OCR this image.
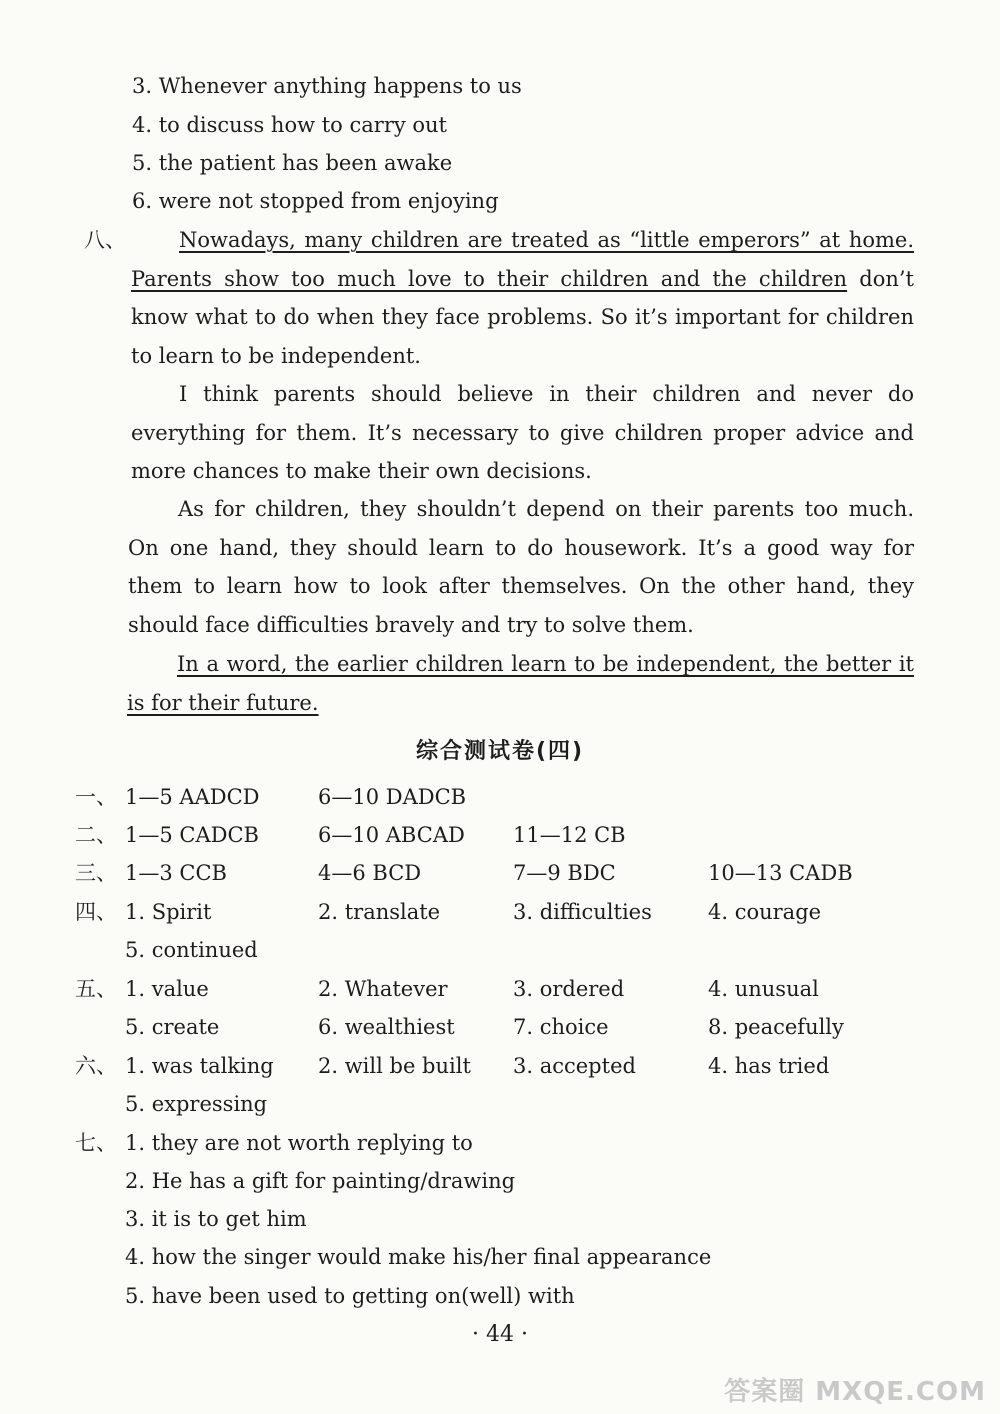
3. Whenever anything happens to us
4. to discuss how to carry out
5. the patient has been awake
6. were not stopped from enjoying
八、	Nowadays, many children are treated as “little emperors” at home. Parents show too much love to their children and the children don’t know what to do when they face problems. So it’s important for children to learn to be independent.
I think parents should believe in their children and never do everything for them. It’s necessary to give children proper advice and more chances to make their own decisions.
As for children, they shouldn’t depend on their parents too much. On one hand, they should learn to do housework. It’s a good way for them to learn how to look after themselves. On the other hand, they should face difficulties bravely and try to solve them.
In a word, the earlier children learn to be independent, the better it is for their future.
综合测试卷(四)
一、 1—5 AADCD	6—10 DADCB
二、 1—5 CADCB	6—10 ABCAD 11—12 CB
三、 1—3 CCB	4—6 BCD	7—9 BDC	10—13 CADB
四、 1. Spirit	2. translate	3. difficulties	4. courage
5. continued
五、 1. value	2. Whatever	3. ordered	4. unusual
5. create	6. wealthiest	7. choice	8. peacefully
六、 1. was talking 2. will be built 3. accepted	4. has tried
5. expressing
七、 1. they are not worth replying to
2. He has a gift for painting/drawing
3. it is to get him
4. how the singer would make his/her final appearance
5. have been used to getting on(well) with
· 44 ·
答案圈 MXQE.COM
